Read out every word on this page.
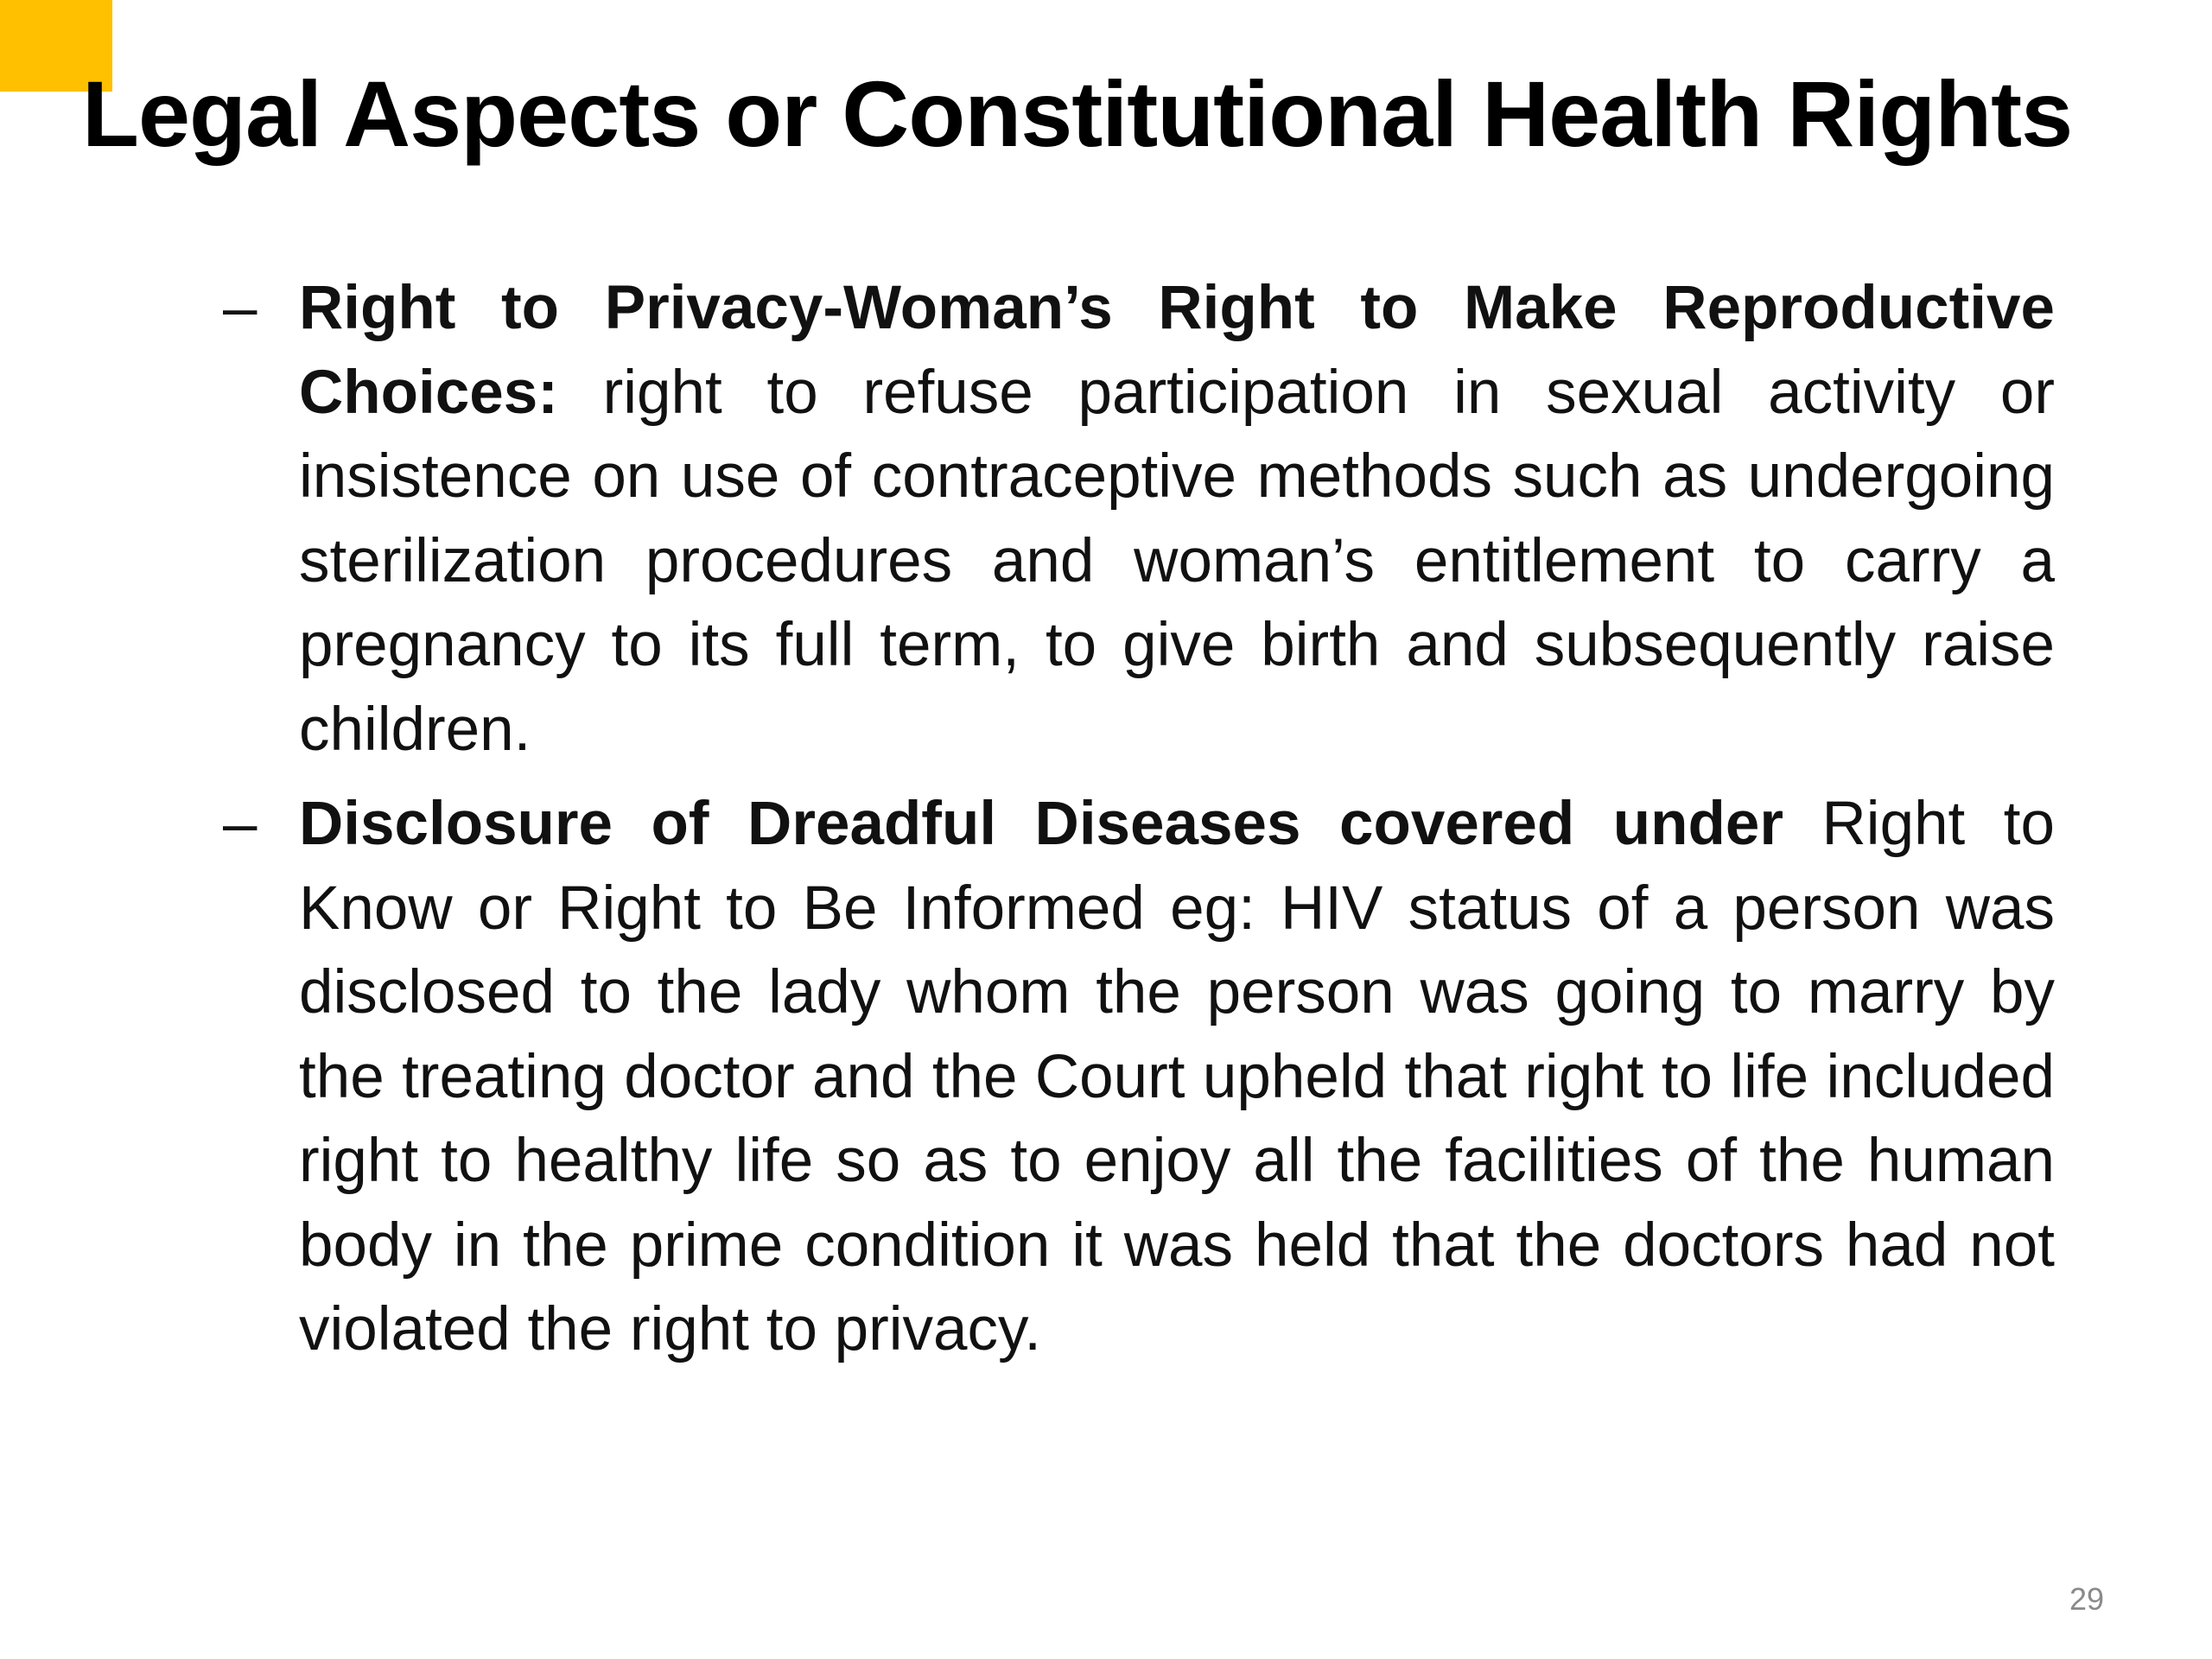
Legal Aspects or Constitutional Health Rights

– Right to Privacy-Woman’s Right to Make Reproductive Choices: right to refuse participation in sexual activity or insistence on use of contraceptive methods such as undergoing sterilization procedures and woman’s entitlement to carry a pregnancy to its full term, to give birth and subsequently raise children.

– Disclosure of Dreadful Diseases covered under Right to Know or Right to Be Informed eg: HIV status of a person was disclosed to the lady whom the person was going to marry by the treating doctor and the Court upheld that right to life included right to healthy life so as to enjoy all the facilities of the human body in the prime condition it was held that the doctors had not violated the right to privacy.

29
